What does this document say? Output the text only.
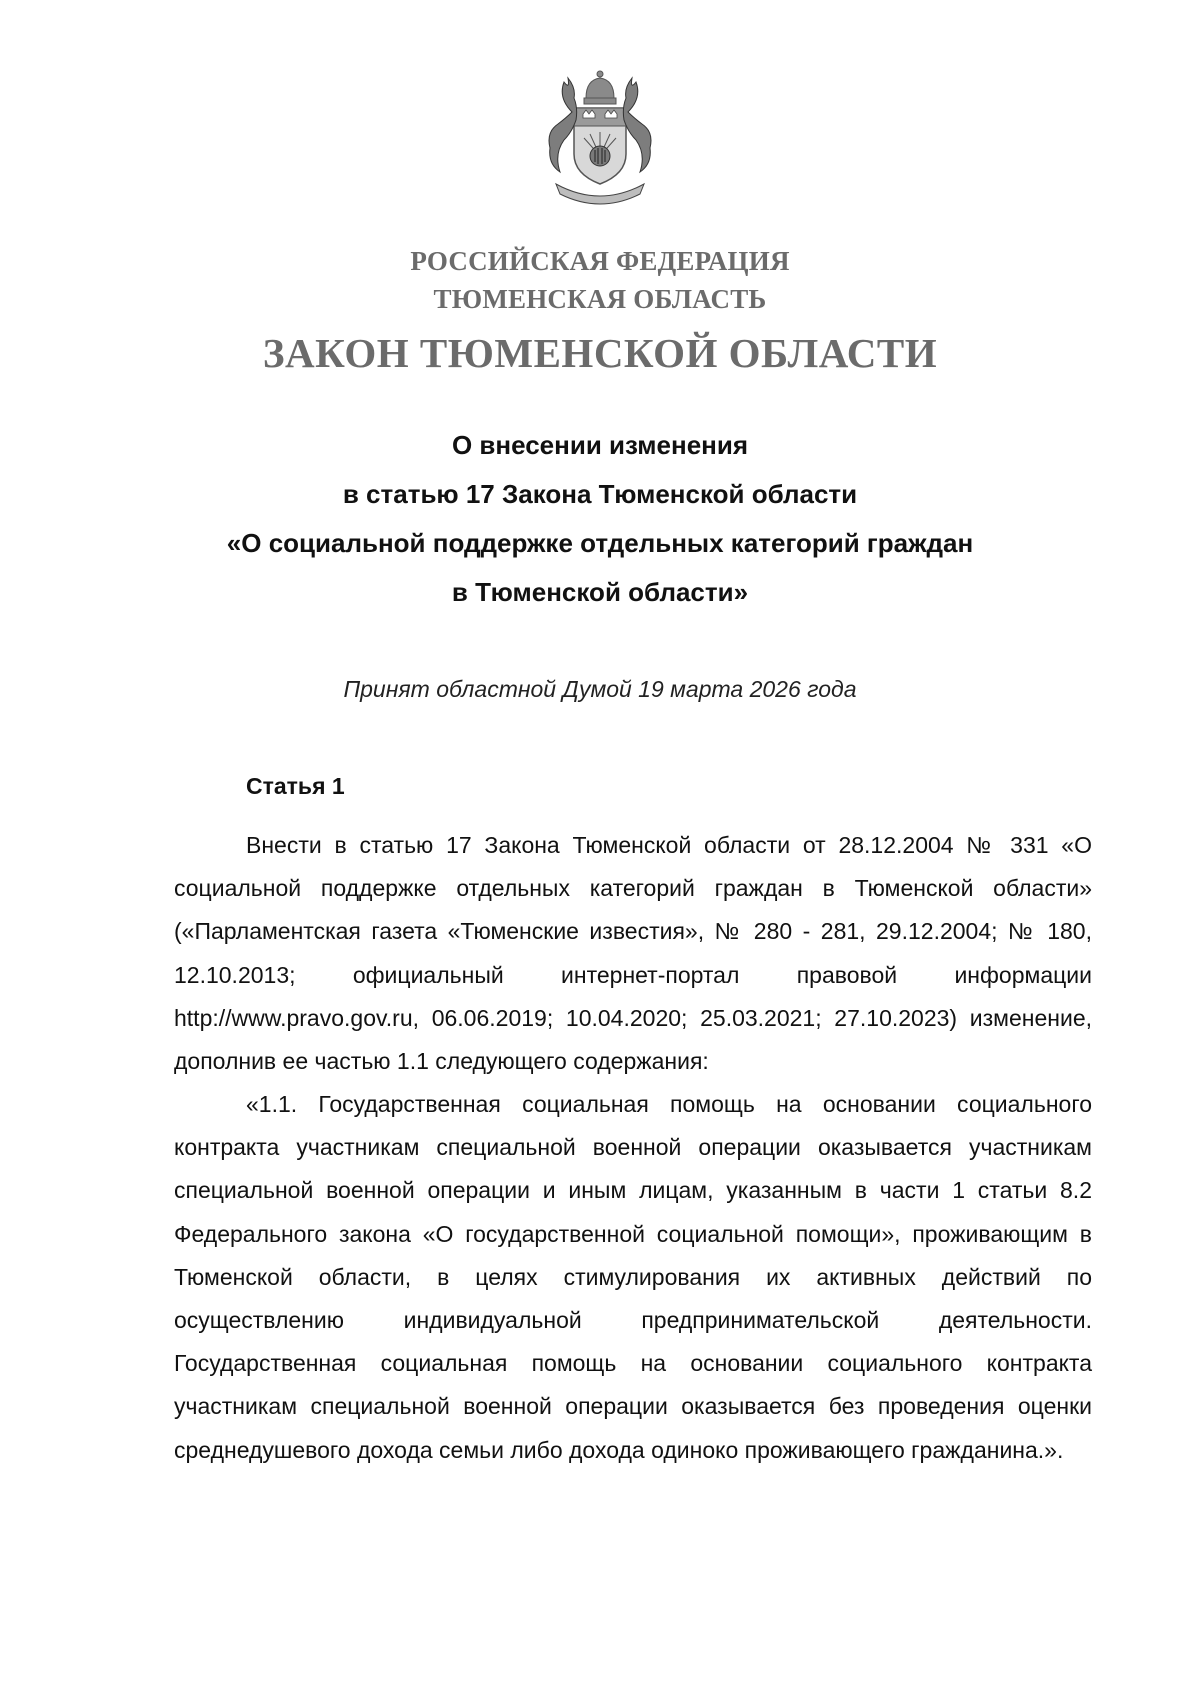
РОССИЙСКАЯ ФЕДЕРАЦИЯ
ТЮМЕНСКАЯ ОБЛАСТЬ
ЗАКОН ТЮМЕНСКОЙ ОБЛАСТИ
О внесении изменения
в статью 17 Закона Тюменской области
«О социальной поддержке отдельных категорий граждан
в Тюменской области»
Принят областной Думой 19 марта 2026 года
Статья 1

Внести в статью 17 Закона Тюменской области от 28.12.2004 № 331 «О социальной поддержке отдельных категорий граждан в Тюменской области» («Парламентская газета «Тюменские известия», № 280 - 281, 29.12.2004; № 180, 12.10.2013; официальный интернет-портал правовой информации http://www.pravo.gov.ru, 06.06.2019; 10.04.2020; 25.03.2021; 27.10.2023) изменение, дополнив ее частью 1.1 следующего содержания:

«1.1. Государственная социальная помощь на основании социального контракта участникам специальной военной операции оказывается участникам специальной военной операции и иным лицам, указанным в части 1 статьи 8.2 Федерального закона «О государственной социальной помощи», проживающим в Тюменской области, в целях стимулирования их активных действий по осуществлению индивидуальной предпринимательской деятельности. Государственная социальная помощь на основании социального контракта участникам специальной военной операции оказывается без проведения оценки среднедушевого дохода семьи либо дохода одиноко проживающего гражданина.».
